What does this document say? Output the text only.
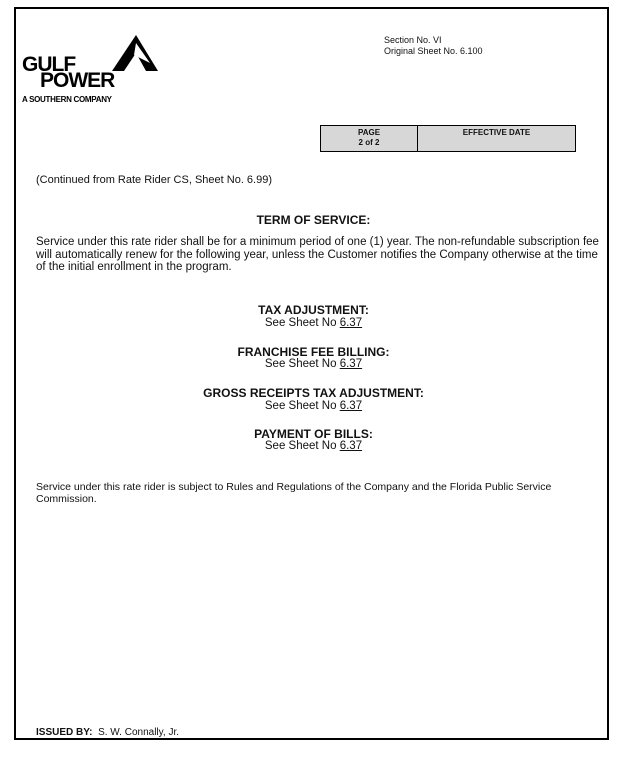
GULF
POWER
A SOUTHERN COMPANY
Section No. VI
Original Sheet No. 6.100
PAGE
2 of 2
EFFECTIVE DATE
(Continued from Rate Rider CS, Sheet No. 6.99)
TERM OF SERVICE:
Service under this rate rider shall be for a minimum period of one (1) year. The non-refundable subscription fee will automatically renew for the following year, unless the Customer notifies the Company otherwise at the time of the initial enrollment in the program.
TAX ADJUSTMENT:
See Sheet No 6.37
FRANCHISE FEE BILLING:
See Sheet No 6.37
GROSS RECEIPTS TAX ADJUSTMENT:
See Sheet No 6.37
PAYMENT OF BILLS:
See Sheet No 6.37
Service under this rate rider is subject to Rules and Regulations of the Company and the Florida Public Service Commission.
ISSUED BY: S. W. Connally, Jr.
